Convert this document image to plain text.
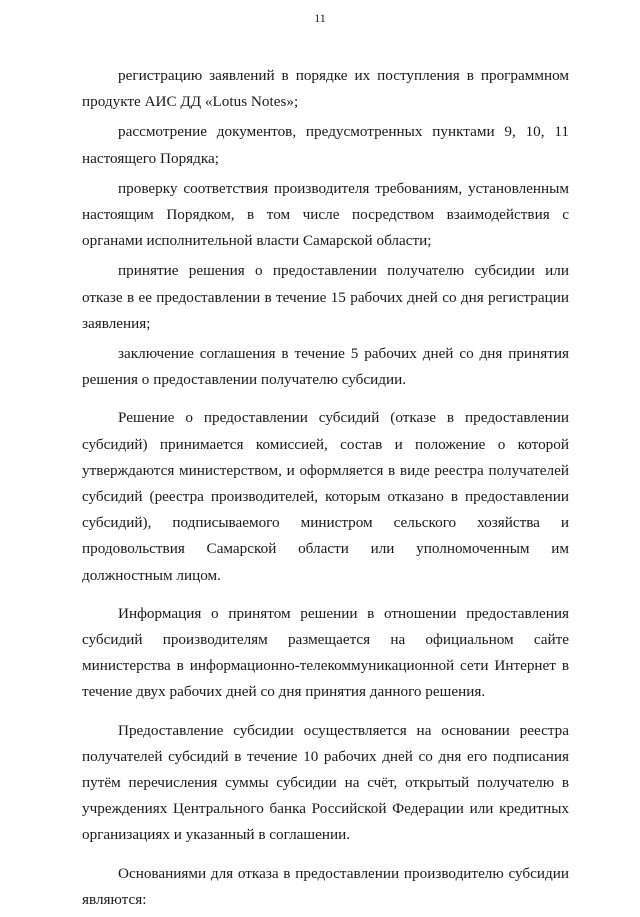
11

регистрацию заявлений в порядке их поступления в программном продукте АИС ДД «Lotus Notes»;

рассмотрение документов, предусмотренных пунктами 9, 10, 11 настоящего Порядка;

проверку соответствия производителя требованиям, установленным настоящим Порядком, в том числе посредством взаимодействия с органами исполнительной власти Самарской области;

принятие решения о предоставлении получателю субсидии или отказе в ее предоставлении в течение 15 рабочих дней со дня регистрации заявления;

заключение соглашения в течение 5 рабочих дней со дня принятия решения о предоставлении получателю субсидии.

Решение о предоставлении субсидий (отказе в предоставлении субсидий) принимается комиссией, состав и положение о которой утверждаются министерством, и оформляется в виде реестра получателей субсидий (реестра производителей, которым отказано в предоставлении субсидий), подписываемого министром сельского хозяйства и продовольствия Самарской области или уполномоченным им должностным лицом.

Информация о принятом решении в отношении предоставления субсидий производителям размещается на официальном сайте министерства в информационно-телекоммуникационной сети Интернет в течение двух рабочих дней со дня принятия данного решения.

Предоставление субсидии осуществляется на основании реестра получателей субсидий в течение 10 рабочих дней со дня его подписания путём перечисления суммы субсидии на счёт, открытый получателю в учреждениях Центрального банка Российской Федерации или кредитных организациях и указанный в соглашении.

Основаниями для отказа в предоставлении производителю субсидии являются:
